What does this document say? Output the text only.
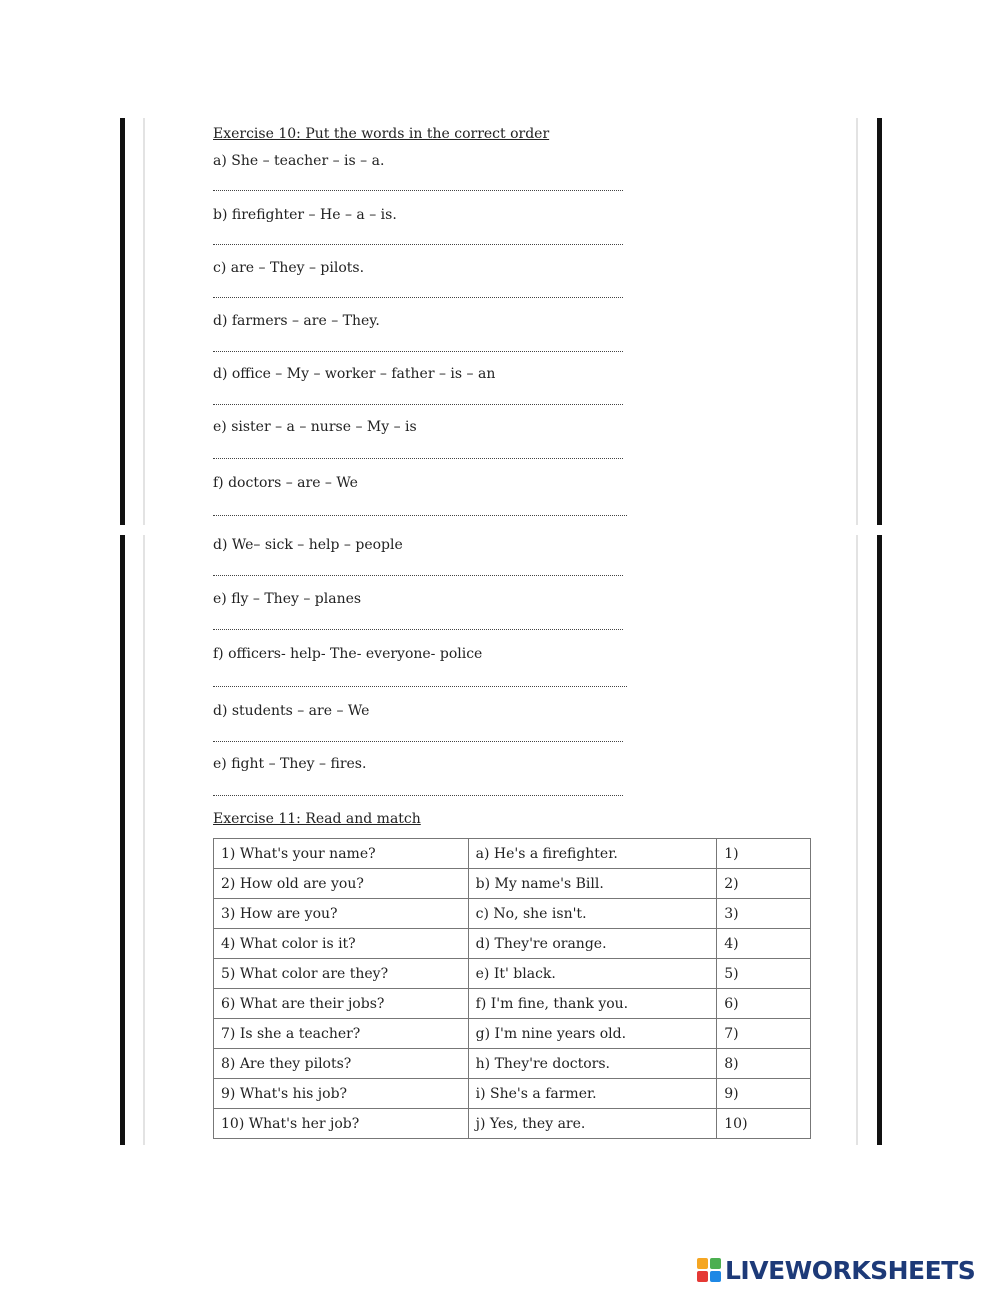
Exercise 10: Put the words in the correct order
a) She – teacher – is – a.
b) firefighter – He – a – is.
c) are – They – pilots.
d) farmers – are – They.
d) office – My – worker – father – is – an
e) sister – a – nurse – My – is
f) doctors – are – We
d) We– sick – help – people
e) fly – They – planes
f) officers- help- The- everyone- police
d) students – are – We
e) fight – They – fires.
Exercise 11: Read and match
1) What's your name?	a) He's a firefighter.	1)
2) How old are you?	b) My name's Bill.	2)
3) How are you?	c) No, she isn't.	3)
4) What color is it?	d) They're orange.	4)
5) What color are they?	e) It' black.	5)
6) What are their jobs?	f) I'm fine, thank you.	6)
7) Is she a teacher?	g) I'm nine years old.	7)
8) Are they pilots?	h) They're doctors.	8)
9) What's his job?	i) She's a farmer.	9)
10) What's her job?	j) Yes, they are.	10)
LIVEWORKSHEETS
